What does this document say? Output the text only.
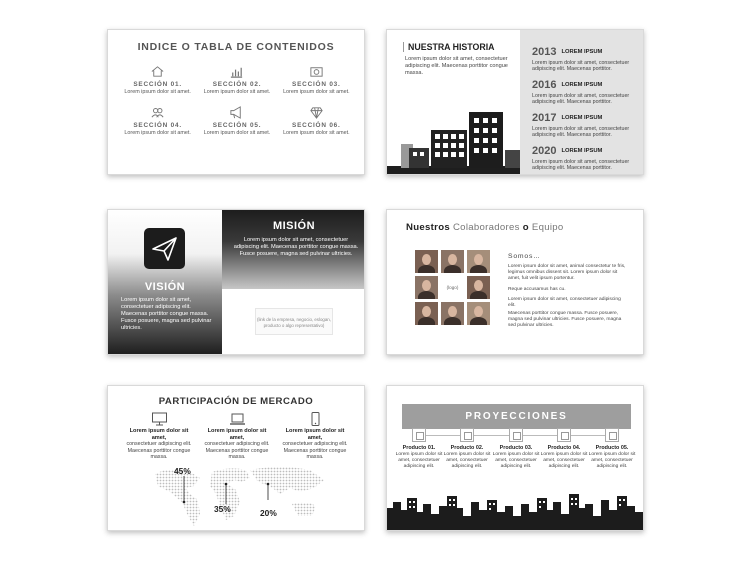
INDICE O TABLA DE CONTENIDOS
SECCIÓN 01.
Lorem ipsum dolor sit amet.
SECCIÓN 02.
Lorem ipsum dolor sit amet.
SECCIÓN 03.
Lorem ipsum dolor sit amet.
SECCIÓN 04.
Lorem ipsum dolor sit amet.
SECCIÓN 05.
Lorem ipsum dolor sit amet.
SECCIÓN 06.
Lorem ipsum dolor sit amet.
NUESTRA HISTORIA
Lorem ipsum dolor sit amet, consectetuer adipiscing elit. Maecenas porttitor congue massa.
2013 LOREM IPSUM
Lorem ipsum dolor sit amet, consectetuer adipiscing elit. Maecenas porttitor.
2016 LOREM IPSUM
Lorem ipsum dolor sit amet, consectetuer adipiscing elit. Maecenas porttitor.
2017 LOREM IPSUM
Lorem ipsum dolor sit amet, consectetuer adipiscing elit. Maecenas porttitor.
2020 LOREM IPSUM
Lorem ipsum dolor sit amet, consectetuer adipiscing elit. Maecenas porttitor.
VISIÓN
Lorem ipsum dolor sit amet, consectetuer adipiscing elit. Maecenas porttitor congue massa. Fusce posuere, magna sed pulvinar ultricies.
MISIÓN
Lorem ipsum dolor sit amet, consectetuer adipiscing elit. Maecenas porttitor congue massa. Fusce posuere, magna sed pulvinar ultricies.
(link de la empresa, negocio, eslogan, producto o algo representativo)
Nuestros Colaboradores o Equipo
(logo)
Somos…
Lorem ipsum dolor sit amet, animal consectetur te fris, legimus omnibus dissent sit. Lorem ipsum dolor sit amet, fuit velit ipsum portentur.
Reque accusamus has cu.
Lorem ipsum dolor sit amet, consectetuer adipiscing elit.
Maecenas porttitor congue massa. Fusce posuere, magna sed pulvinar ultricies. Fusce posuere, magna sed pulvinar ultricies.
PARTICIPACIÓN DE MERCADO
Lorem ipsum dolor sit amet,
consectetuer adipiscing elit. Maecenas porttitor congue massa.
Lorem ipsum dolor sit amet,
consectetuer adipiscing elit. Maecenas porttitor congue massa.
Lorem ipsum dolor sit amet,
consectetuer adipiscing elit. Maecenas porttitor congue massa.
45%
35%	20%
PROYECCIONES
Producto 01.
Lorem ipsum dolor sit amet, consectetuer adipiscing elit.
Producto 02.
Lorem ipsum dolor sit amet, consectetuer adipiscing elit.
Producto 03.
Lorem ipsum dolor sit amet, consectetuer adipiscing elit.
Producto 04.
Lorem ipsum dolor sit amet, consectetuer adipiscing elit.
Producto 05.
Lorem ipsum dolor sit amet, consectetuer adipiscing elit.
